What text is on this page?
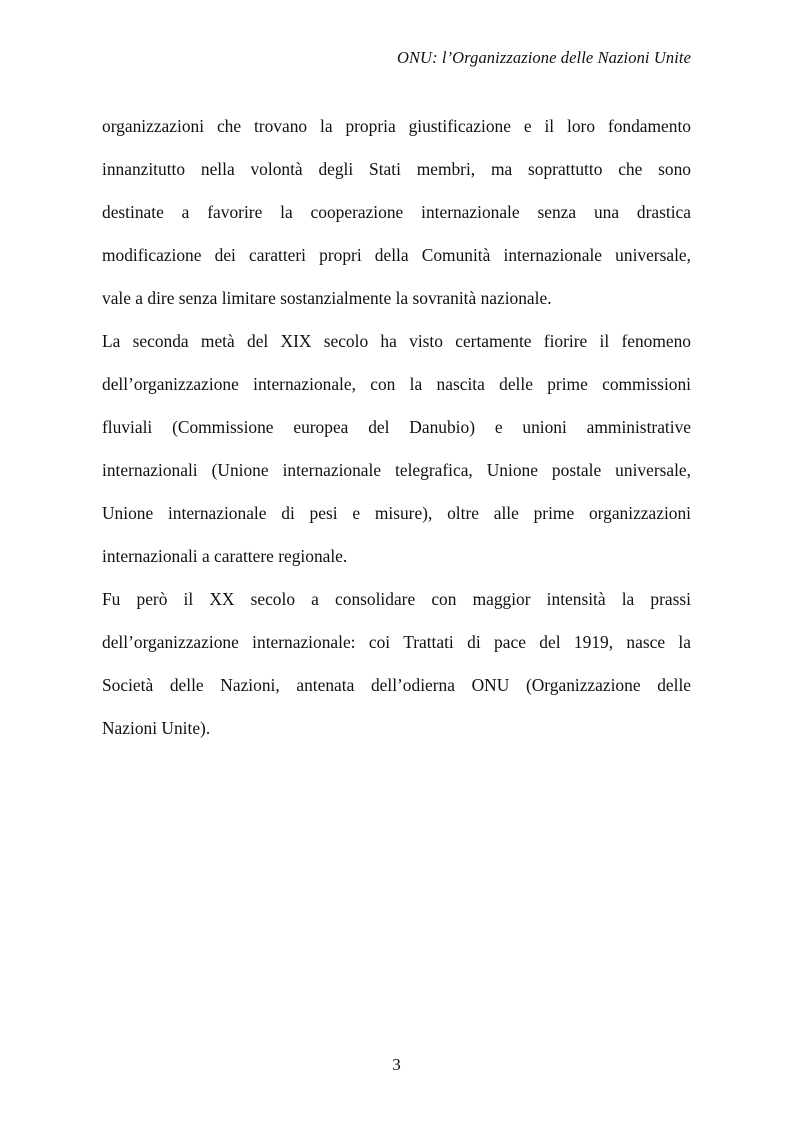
ONU: l’Organizzazione delle Nazioni Unite
organizzazioni che trovano la propria giustificazione e il loro fondamento
innanzitutto nella volontà degli Stati membri, ma soprattutto che sono
destinate a favorire la cooperazione internazionale senza una drastica
modificazione dei caratteri propri della Comunità internazionale universale,
vale a dire senza limitare sostanzialmente la sovranità nazionale.
La seconda metà del XIX secolo ha visto certamente fiorire il fenomeno
dell’organizzazione internazionale, con la nascita delle prime commissioni
fluviali (Commissione europea del Danubio) e unioni amministrative
internazionali (Unione internazionale telegrafica, Unione postale universale,
Unione internazionale di pesi e misure), oltre alle prime organizzazioni
internazionali a carattere regionale.
Fu però il XX secolo a consolidare con maggior intensità la prassi
dell’organizzazione internazionale: coi Trattati di pace del 1919, nasce la
Società delle Nazioni, antenata dell’odierna ONU (Organizzazione delle
Nazioni Unite).
3
